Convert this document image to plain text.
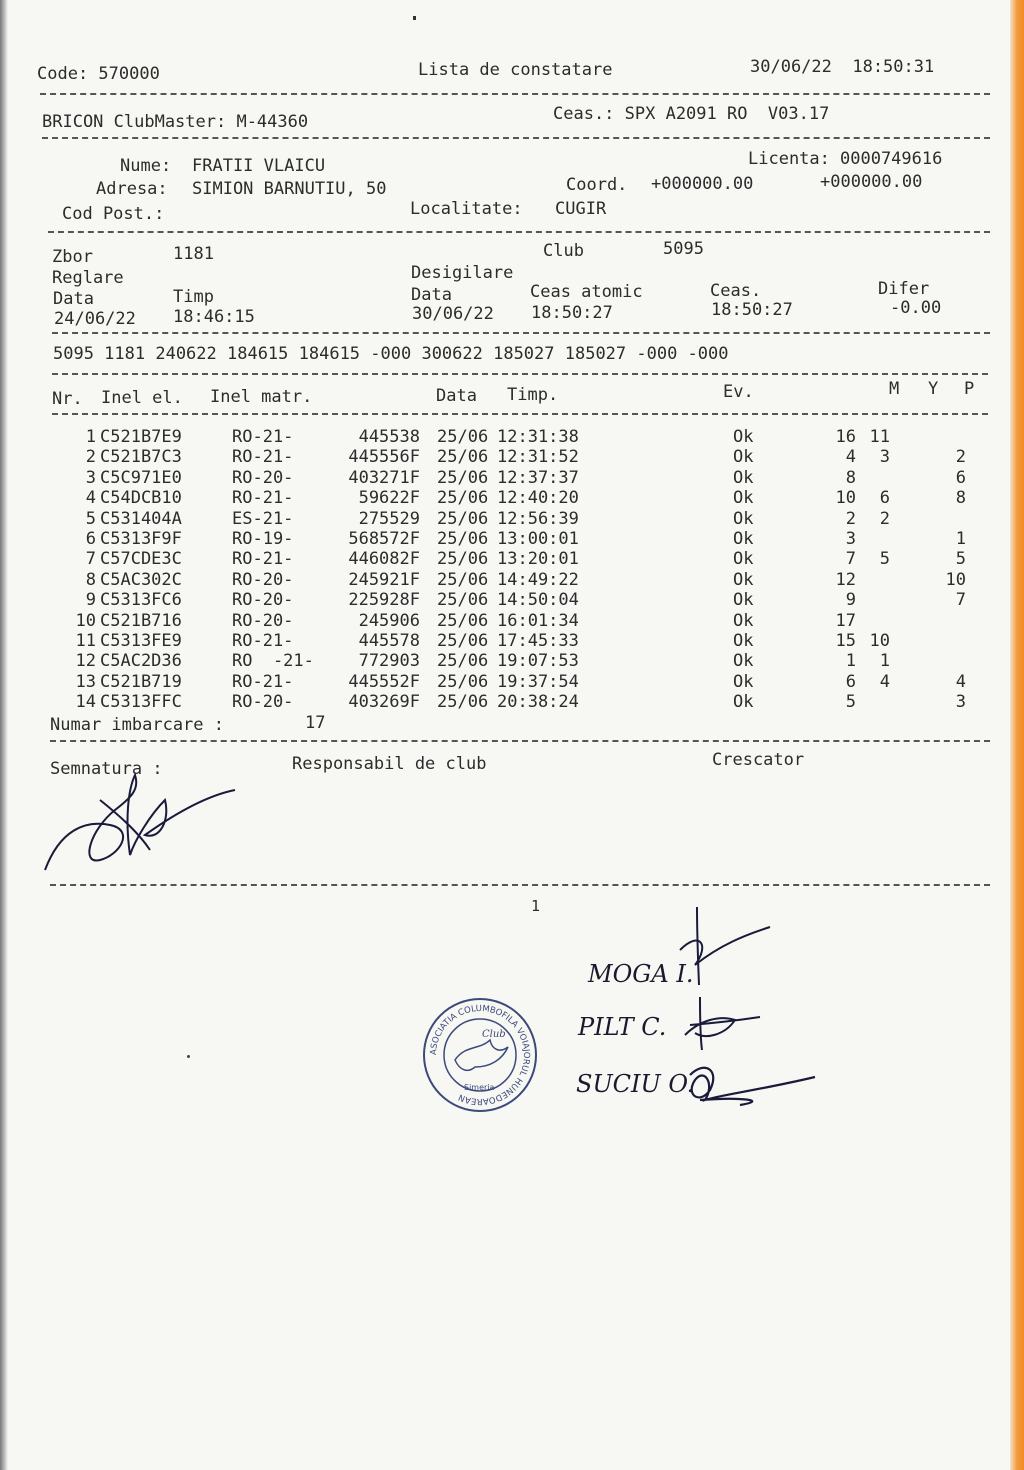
Code: 570000	Lista de constatare	30/06/22  18:50:31
BRICON ClubMaster: M-44360	Ceas.: SPX A2091 RO  V03.17
Nume: FRATII VLAICU	Licenta: 0000749616
Adresa: SIMION BARNUTIU, 50	Coord. +000000.00	+000000.00
Cod Post.:	Localitate: CUGIR
Zbor	1181	Club	5095
Reglare	Desigilare
Data	Timp	Data	Ceas atomic	Ceas.	Difer
24/06/22 18:46:15	30/06/22 18:50:27	18:50:27	-0.00
5095 1181 240622 184615 184615 -000 300622 185027 185027 -000 -000
Nr. Inel el. Inel matr.	Data Timp.	Ev.	M Y P
1 C521B7E9	RO-21-	445538 25/06 12:31:38	Ok	16 11
2 C521B7C3	RO-21-	445556F 25/06 12:31:52	Ok	4 3	2
3 C5C971E0	RO-20-	403271F 25/06 12:37:37	Ok	8	6
4 C54DCB10	RO-21-	59622F 25/06 12:40:20	Ok	10 6	8
5 C531404A	ES-21-	275529 25/06 12:56:39	Ok	2 2
6 C5313F9F	RO-19-	568572F 25/06 13:00:01	Ok	3	1
7 C57CDE3C	RO-21-	446082F 25/06 13:20:01	Ok	7 5	5
8 C5AC302C	RO-20-	245921F 25/06 14:49:22	Ok	12	10
9 C5313FC6	RO-20-	225928F 25/06 14:50:04	Ok	9	7
10 C521B716	RO-20-	245906 25/06 16:01:34	Ok	17
11 C5313FE9	RO-21-	445578 25/06 17:45:33	Ok	15 10
12 C5AC2D36	RO  -21-	772903 25/06 19:07:53	Ok	1 1
13 C521B719	RO-21-	445552F 25/06 19:37:54	Ok	6 4	4
14 C5313FFC	RO-20-	403269F 25/06 20:38:24	Ok	5	3
Numar imbarcare :	17
Semnatura :	Responsabil de club	Crescator
1
MOGA I.
PILT C.
SUCIU O.
ASOCIATIA COLUMBOFILA VOIAJORUL HUNEDOAREAN
Club
Simeria
